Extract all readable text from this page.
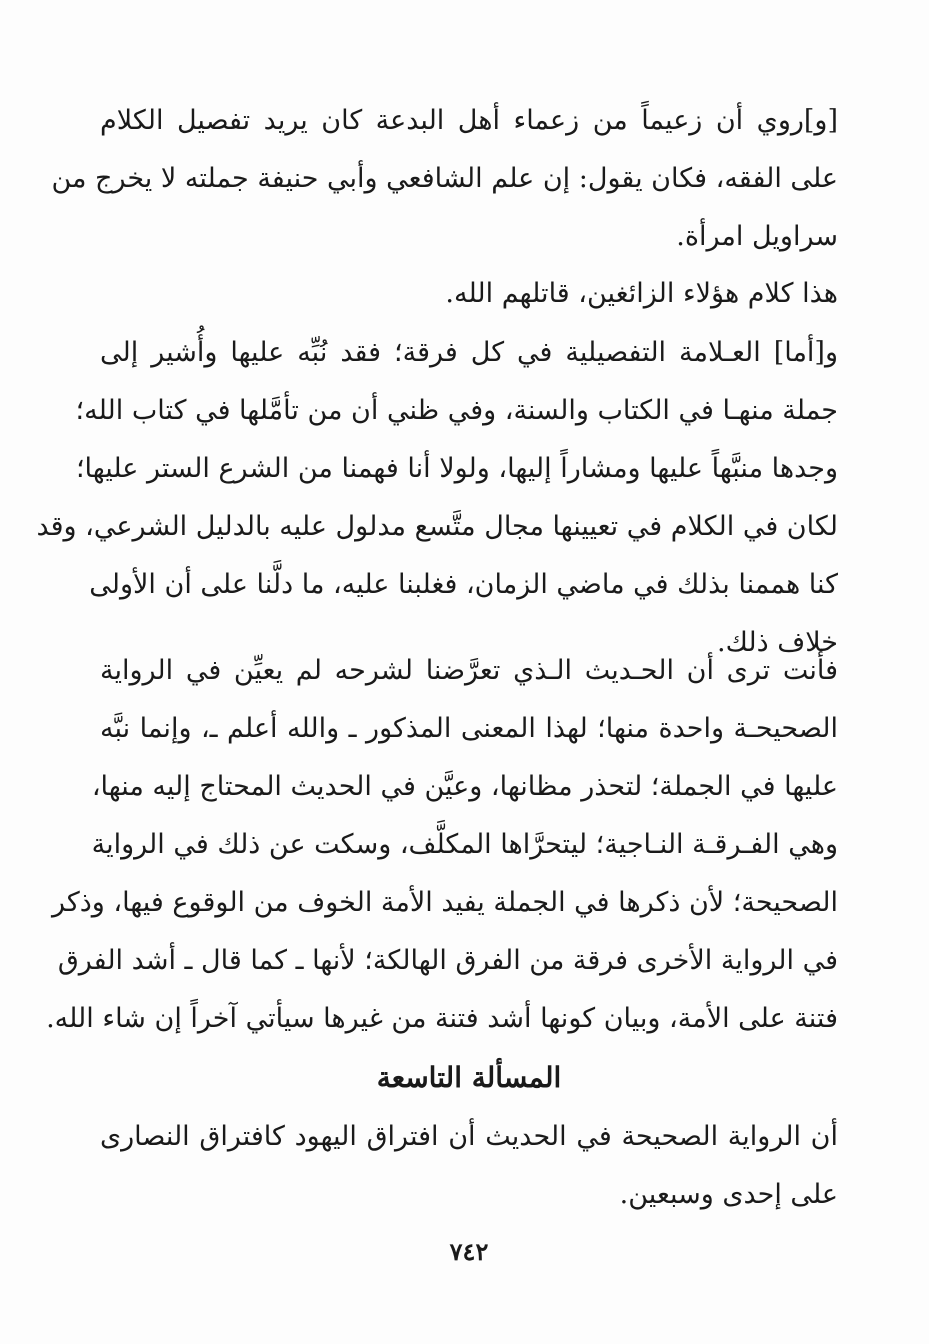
[و]روي أن زعيماً من زعماء أهل البدعة كان يريد تفصيل الكلام
على الفقه، فكان يقول: إن علم الشافعي وأبي حنيفة جملته لا يخرج من
سراويل امرأة.

هذا كلام هؤلاء الزائغين، قاتلهم الله.

و[أما] العـلامة التفصيلية في كل فرقة؛ فقد نُبِّه عليها وأُشير إلى
جملة منهـا في الكتاب والسنة، وفي ظني أن من تأمَّلها في كتاب الله؛
وجدها منبَّهاً عليها ومشاراً إليها، ولولا أنا فهمنا من الشرع الستر عليها؛
لكان في الكلام في تعيينها مجال متَّسع مدلول عليه بالدليل الشرعي، وقد
كنا هممنا بذلك في ماضي الزمان، فغلبنا عليه، ما دلَّنا على أن الأولى
خلاف ذلك.

فأنت ترى أن الحـديث الـذي تعرَّضنا لشرحه لم يعيِّن في الرواية
الصحيحـة واحدة منها؛ لهذا المعنى المذكور ـ والله أعلم ـ، وإنما نبَّه
عليها في الجملة؛ لتحذر مظانها، وعيَّن في الحديث المحتاج إليه منها،
وهي الفـرقـة النـاجية؛ ليتحرَّاها المكلَّف، وسكت عن ذلك في الرواية
الصحيحة؛ لأن ذكرها في الجملة يفيد الأمة الخوف من الوقوع فيها، وذكر
في الرواية الأخرى فرقة من الفرق الهالكة؛ لأنها ـ كما قال ـ أشد الفرق
فتنة على الأمة، وبيان كونها أشد فتنة من غيرها سيأتي آخراً إن شاء الله.

المسألة التاسعة

أن الرواية الصحيحة في الحديث أن افتراق اليهود كافتراق النصارى
على إحدى وسبعين.

٧٤٢
